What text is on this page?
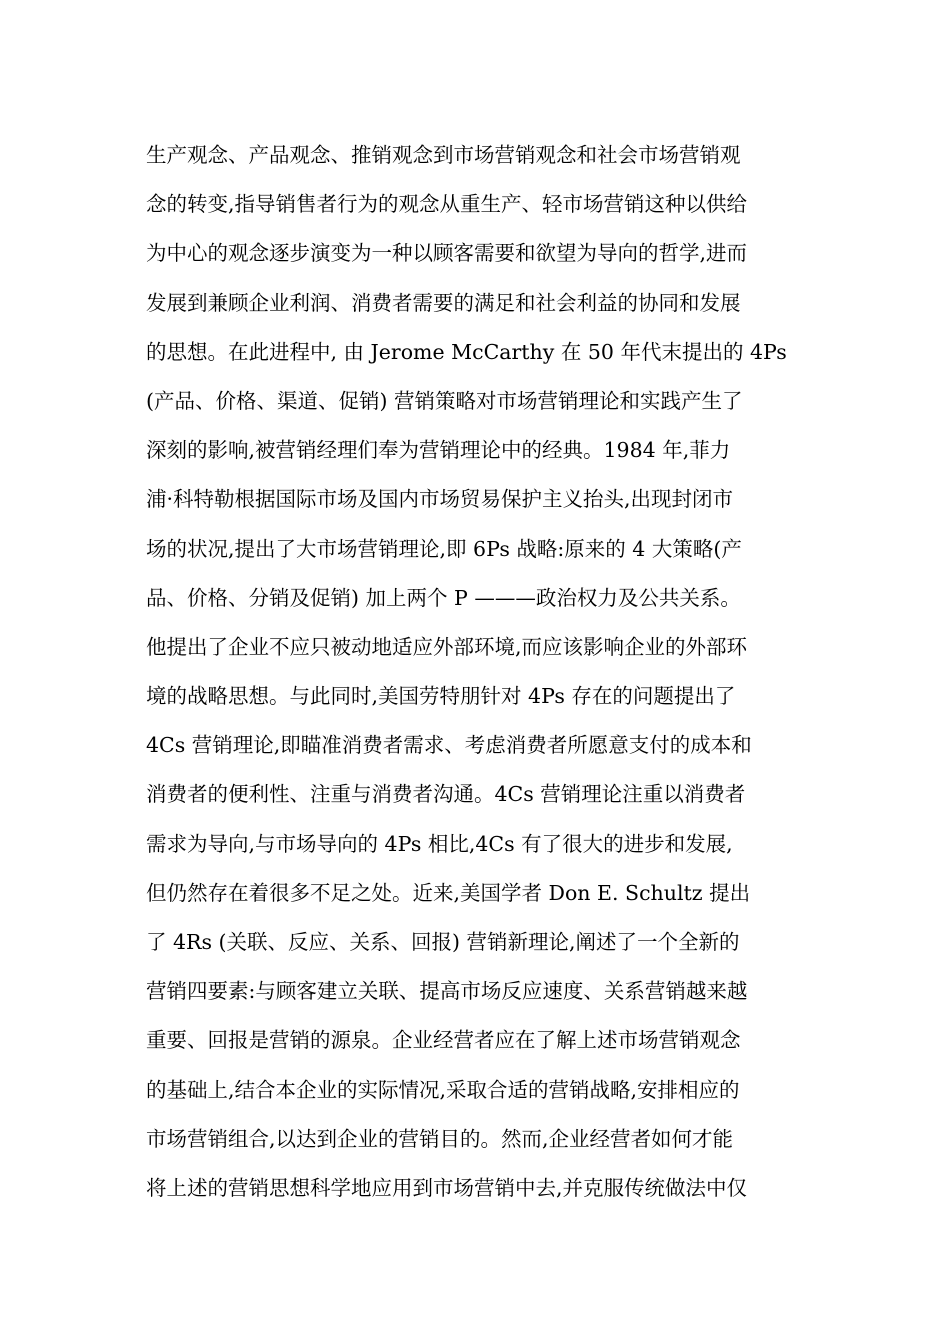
生产观念、产品观念、推销观念到市场营销观念和社会市场营销观
念的转变,指导销售者行为的观念从重生产、轻市场营销这种以供给
为中心的观念逐步演变为一种以顾客需要和欲望为导向的哲学,进而
发展到兼顾企业利润、消费者需要的满足和社会利益的协同和发展
的思想。在此进程中, 由 Jerome McCarthy 在 50 年代末提出的 4Ps
(产品、价格、渠道、促销) 营销策略对市场营销理论和实践产生了
深刻的影响,被营销经理们奉为营销理论中的经典。1984 年,菲力
浦·科特勒根据国际市场及国内市场贸易保护主义抬头,出现封闭市
场的状况,提出了大市场营销理论,即 6Ps 战略:原来的 4 大策略(产
品、价格、分销及促销) 加上两个 P ———政治权力及公共关系。
他提出了企业不应只被动地适应外部环境,而应该影响企业的外部环
境的战略思想。与此同时,美国劳特朋针对 4Ps 存在的问题提出了
4Cs 营销理论,即瞄准消费者需求、考虑消费者所愿意支付的成本和
消费者的便利性、注重与消费者沟通。4Cs 营销理论注重以消费者
需求为导向,与市场导向的 4Ps 相比,4Cs 有了很大的进步和发展,
但仍然存在着很多不足之处。近来,美国学者 Don E. Schultz 提出
了 4Rs (关联、反应、关系、回报) 营销新理论,阐述了一个全新的
营销四要素:与顾客建立关联、提高市场反应速度、关系营销越来越
重要、回报是营销的源泉。企业经营者应在了解上述市场营销观念
的基础上,结合本企业的实际情况,采取合适的营销战略,安排相应的
市场营销组合,以达到企业的营销目的。然而,企业经营者如何才能
将上述的营销思想科学地应用到市场营销中去,并克服传统做法中仅
